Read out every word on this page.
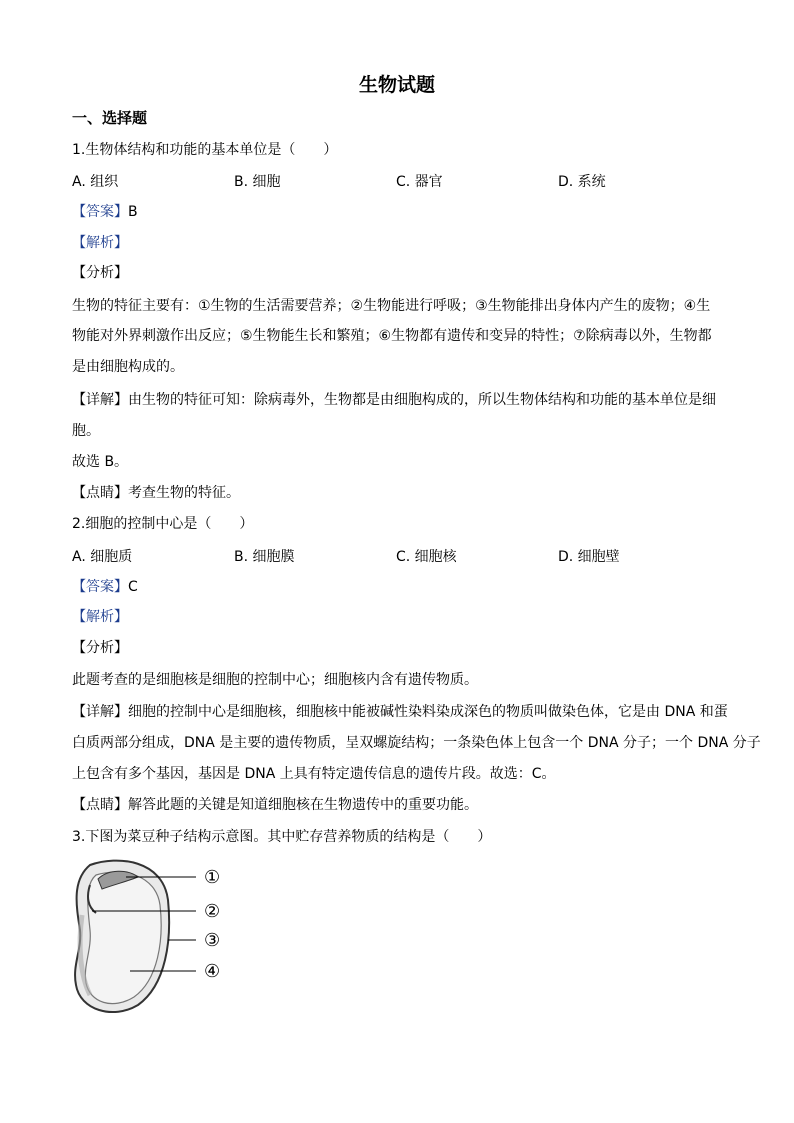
生物试题
一、选择题
1.生物体结构和功能的基本单位是（　　）
A. 组织	B. 细胞	C. 器官	D. 系统
【答案】B
【解析】
【分析】
生物的特征主要有：①生物的生活需要营养；②生物能进行呼吸；③生物能排出身体内产生的废物；④生
物能对外界刺激作出反应；⑤生物能生长和繁殖；⑥生物都有遗传和变异的特性；⑦除病毒以外，生物都
是由细胞构成的。
【详解】由生物的特征可知：除病毒外，生物都是由细胞构成的，所以生物体结构和功能的基本单位是细
胞。
故选 B。
【点睛】考查生物的特征。
2.细胞的控制中心是（　　）
A. 细胞质	B. 细胞膜	C. 细胞核	D. 细胞壁
【答案】C
【解析】
【分析】
此题考查的是细胞核是细胞的控制中心；细胞核内含有遗传物质。
【详解】细胞的控制中心是细胞核，细胞核中能被碱性染料染成深色的物质叫做染色体，它是由 DNA 和蛋
白质两部分组成，DNA 是主要的遗传物质，呈双螺旋结构；一条染色体上包含一个 DNA 分子；一个 DNA 分子
上包含有多个基因，基因是 DNA 上具有特定遗传信息的遗传片段。故选：C。
【点睛】解答此题的关键是知道细胞核在生物遗传中的重要功能。
3.下图为菜豆种子结构示意图。其中贮存营养物质的结构是（　　）
①
②
③
④
